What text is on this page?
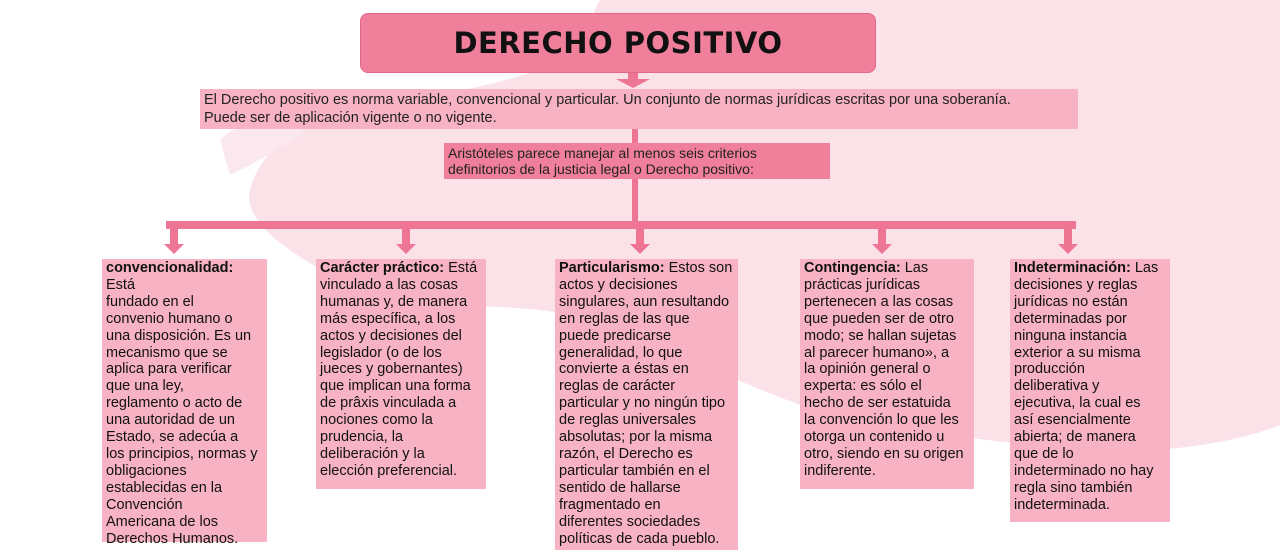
DERECHO POSITIVO
El Derecho positivo es norma variable, convencional y particular. Un conjunto de normas jurídicas escritas por una soberanía.
Puede ser de aplicación vigente o no vigente.
Aristóteles parece manejar al menos seis criterios
definitorios de la justicia legal o Derecho positivo:
convencionalidad: Está
fundado en el
convenio humano o
una disposición. Es un
mecanismo que se
aplica para verificar
que una ley,
reglamento o acto de
una autoridad de un
Estado, se adecúa a
los principios, normas y
obligaciones
establecidas en la
Convención
Americana de los
Derechos Humanos.
Carácter práctico: Está
vinculado a las cosas
humanas y, de manera
más específica, a los
actos y decisiones del
legislador (o de los
jueces y gobernantes)
que implican una forma
de prâxis vinculada a
nociones como la
prudencia, la
deliberación y la
elección preferencial.
Particularismo: Estos son
actos y decisiones
singulares, aun resultando
en reglas de las que
puede predicarse
generalidad, lo que
convierte a éstas en
reglas de carácter
particular y no ningún tipo
de reglas universales
absolutas; por la misma
razón, el Derecho es
particular también en el
sentido de hallarse
fragmentado en
diferentes sociedades
políticas de cada pueblo.
Contingencia: Las
prácticas jurídicas
pertenecen a las cosas
que pueden ser de otro
modo; se hallan sujetas
al parecer humano», a
la opinión general o
experta: es sólo el
hecho de ser estatuida
la convención lo que les
otorga un contenido u
otro, siendo en su origen
indiferente.
Indeterminación: Las
decisiones y reglas
jurídicas no están
determinadas por
ninguna instancia
exterior a su misma
producción
deliberativa y
ejecutiva, la cual es
así esencialmente
abierta; de manera
que de lo
indeterminado no hay
regla sino también
indeterminada.
